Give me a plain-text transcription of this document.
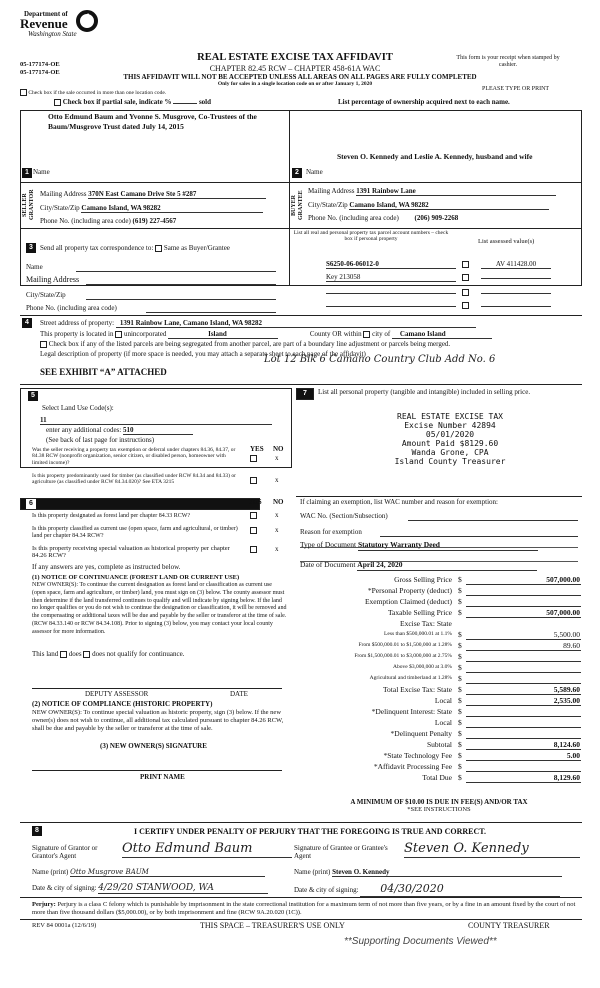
Department of
Revenue
Washington State
05-177174-OE
05-177174-OE
REAL ESTATE EXCISE TAX AFFIDAVIT
CHAPTER 82.45 RCW – CHAPTER 458-61A WAC
This form is your receipt when stamped by cashier.
THIS AFFIDAVIT WILL NOT BE ACCEPTED UNLESS ALL AREAS ON ALL PAGES ARE FULLY COMPLETED
Only for sales in a single location code on or after January 1, 2020
PLEASE TYPE OR PRINT
Check box if the sale occurred in more than one location code.
Check box if partial sale, indicate %	sold	List percentage of ownership acquired next to each name.
Otto Edmund Baum and Yvonne S. Musgrove, Co-Trustees of the Baum/Musgrove Trust dated July 14, 2015
Name
1
SELLER GRANTOR Mailing Address 370N East Camano Drive Ste 5 #287
City/State/Zip Camano Island, WA 98282
Phone No. (including area code) (619) 227-4567
Steven O. Kennedy and Leslie A. Kennedy, husband and wife
Name
2
BUYER GRANTEE Mailing Address 1391 Rainbow Lane
City/State/Zip Camano Island, WA 98282
Phone No. (including area code) (206) 909-2268
3	Send all property tax correspondence to: Same as Buyer/Grantee
Name
Mailing Address
City/State/Zip
Phone No. (including area code)
List all real and personal property tax parcel account numbers – check box if personal property	List assessed value(s)
S6250-06-06012-0	AV 411428.00
Key 213058
4	Street address of property: 1391 Rainbow Lane, Camano Island, WA 98282
This property is located in unincorporated	Island	County OR within city of Camano Island
Check box if any of the listed parcels are being segregated from another parcel, are part of a boundary line adjustment or parcels being merged.
Legal description of property (if more space is needed, you may attach a separate sheet to each page of the affidavit)
SEE EXHIBIT “A” ATTACHED
Lot 12 Blk 6 Camano Country Club Add No. 6
5
Select Land Use Code(s):
11
enter any additional codes: 510
(See back of last page for instructions)
YES NO
Was the seller receiving a property tax exemption or deferral under chapters 84.36, 84.37, or 84.38 RCW (nonprofit organization, senior citizen, or disabled person, homeowner with limited income)?
x
Is this property predominantly used for timber (as classified under RCW 84.34 and 84.33) or agriculture (as classified under RCW 84.34.020)? See ETA 3215	x
6	YES NO
Is this property designated as forest land per chapter 84.33 RCW?	x
Is this property classified as current use (open space, farm and agricultural, or timber) land per chapter 84.34 RCW?
x
Is this property receiving special valuation as historical property per chapter 84.26 RCW?
x
If any answers are yes, complete as instructed below.
(1) NOTICE OF CONTINUANCE (FOREST LAND OR CURRENT USE)
NEW OWNER(S): To continue the current designation as forest land or classification as current use (open space, farm and agriculture, or timber) land, you must sign on (3) below. The county assessor must then determine if the land transferred continues to qualify and will indicate by signing below. If the land no longer qualifies or you do not wish to continue the designation or classification, it will be removed and the compensating or additional taxes will be due and payable by the seller or transferor at the time of sale. (RCW 84.33.140 or RCW 84.34.108). Prior to signing (3) below, you may contact your local county assessor for more information.
This land does does not qualify for continuance.
DEPUTY ASSESSOR	DATE
(2) NOTICE OF COMPLIANCE (HISTORIC PROPERTY)
NEW OWNER(S): To continue special valuation as historic property, sign (3) below. If the new owner(s) does not wish to continue, all additional tax calculated pursuant to chapter 84.26 RCW, shall be due and payable by the seller or transferor at the time of sale.
(3) NEW OWNER(S) SIGNATURE
PRINT NAME
7	List all personal property (tangible and intangible) included in selling price.
REAL ESTATE EXCISE TAX
Excise Number 42894
05/01/2020
Amount Paid $8129.60
Wanda Grone, CPA
Island County Treasurer
If claiming an exemption, list WAC number and reason for exemption:
WAC No. (Section/Subsection)
Reason for exemption
Type of Document Statutory Warranty Deed
Date of Document April 24, 2020
Gross Selling Price $	507,000.00
*Personal Property (deduct) $
Exemption Claimed (deduct) $
Taxable Selling Price $	507,000.00
Excise Tax: State
Less than $500,000.01 at 1.1% $	5,500.00
From $500,000.01 to $1,500,000 at 1.28% $	89.60
From $1,500,000.01 to $3,000,000 at 2.75% $
Above $3,000,000 at 3.0% $
Agricultural and timberland at 1.28% $
Total Excise Tax: State $	5,589.60
Local $	2,535.00
*Delinquent Interest: State $
Local $
*Delinquent Penalty $
Subtotal $	8,124.60
*State Technology Fee $	5.00
*Affidavit Processing Fee $
Total Due $	8,129.60
A MINIMUM OF $10.00 IS DUE IN FEE(S) AND/OR TAX
*SEE INSTRUCTIONS
8	I CERTIFY UNDER PENALTY OF PERJURY THAT THE FOREGOING IS TRUE AND CORRECT.
Signature of Grantor or Grantor's Agent
Otto Edmund Baum	Signature of Grantee or Grantee's Agent
Steven O. Kennedy
Name (print) Otto Musgrove BAUM	Name (print) Steven O. Kennedy
Date & city of signing: 4/29/20 STANWOOD, WA	Date & city of signing: 04/30/2020
Perjury: Perjury is a class C felony which is punishable by imprisonment in the state correctional institution for a maximum term of not more than five years, or by a fine in an amount fixed by the court of not more than five thousand dollars ($5,000.00), or by both imprisonment and fine (RCW 9A.20.020 (1C)).
REV 84 0001a (12/6/19)	THIS SPACE – TREASURER'S USE ONLY	COUNTY TREASURER
**Supporting Documents Viewed**
